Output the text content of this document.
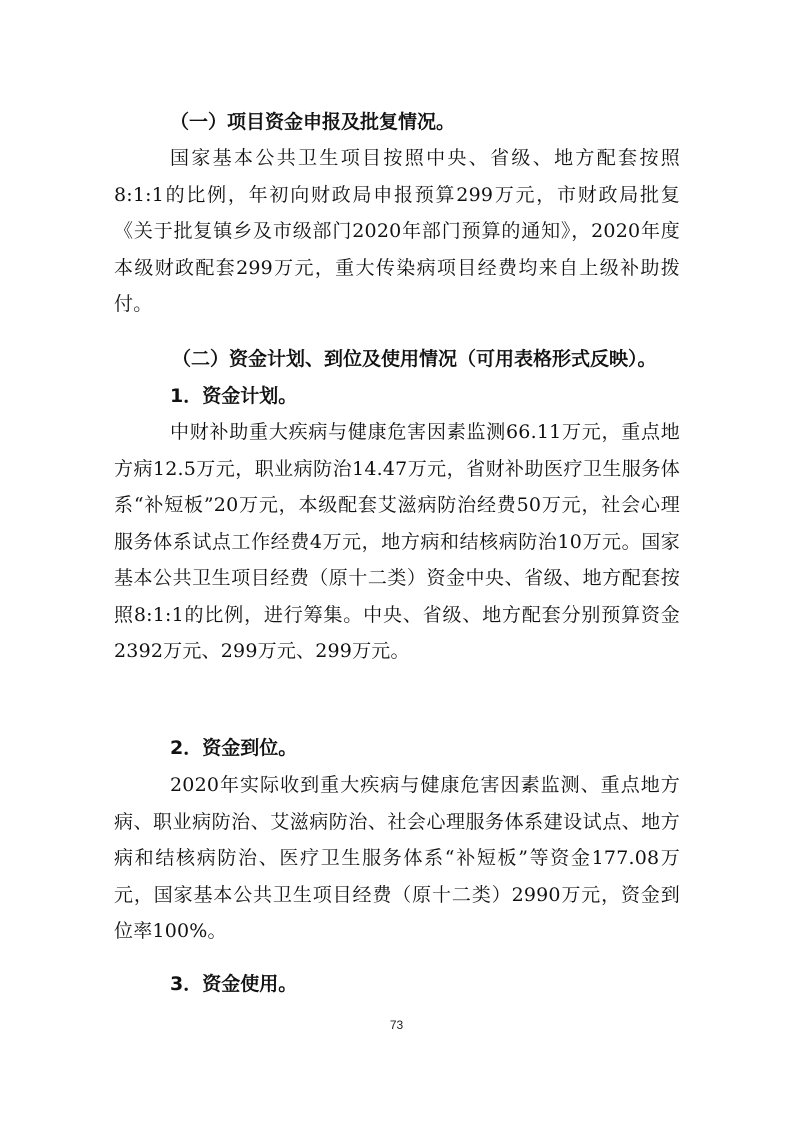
（一）项目资金申报及批复情况。

国家基本公共卫生项目按照中央、省级、地方配套按照8:1:1的比例，年初向财政局申报预算299万元，市财政局批复《关于批复镇乡及市级部门2020年部门预算的通知》，2020年度本级财政配套299万元，重大传染病项目经费均来自上级补助拨付。

（二）资金计划、到位及使用情况（可用表格形式反映）。
1．资金计划。

中财补助重大疾病与健康危害因素监测66.11万元，重点地方病12.5万元，职业病防治14.47万元，省财补助医疗卫生服务体系“补短板”20万元，本级配套艾滋病防治经费50万元，社会心理服务体系试点工作经费4万元，地方病和结核病防治10万元。国家基本公共卫生项目经费（原十二类）资金中央、省级、地方配套按照8:1:1的比例，进行筹集。中央、省级、地方配套分别预算资金2392万元、299万元、299万元。

2．资金到位。

2020年实际收到重大疾病与健康危害因素监测、重点地方病、职业病防治、艾滋病防治、社会心理服务体系建设试点、地方病和结核病防治、医疗卫生服务体系“补短板”等资金177.08万元，国家基本公共卫生项目经费（原十二类）2990万元，资金到位率100%。

3．资金使用。
73
